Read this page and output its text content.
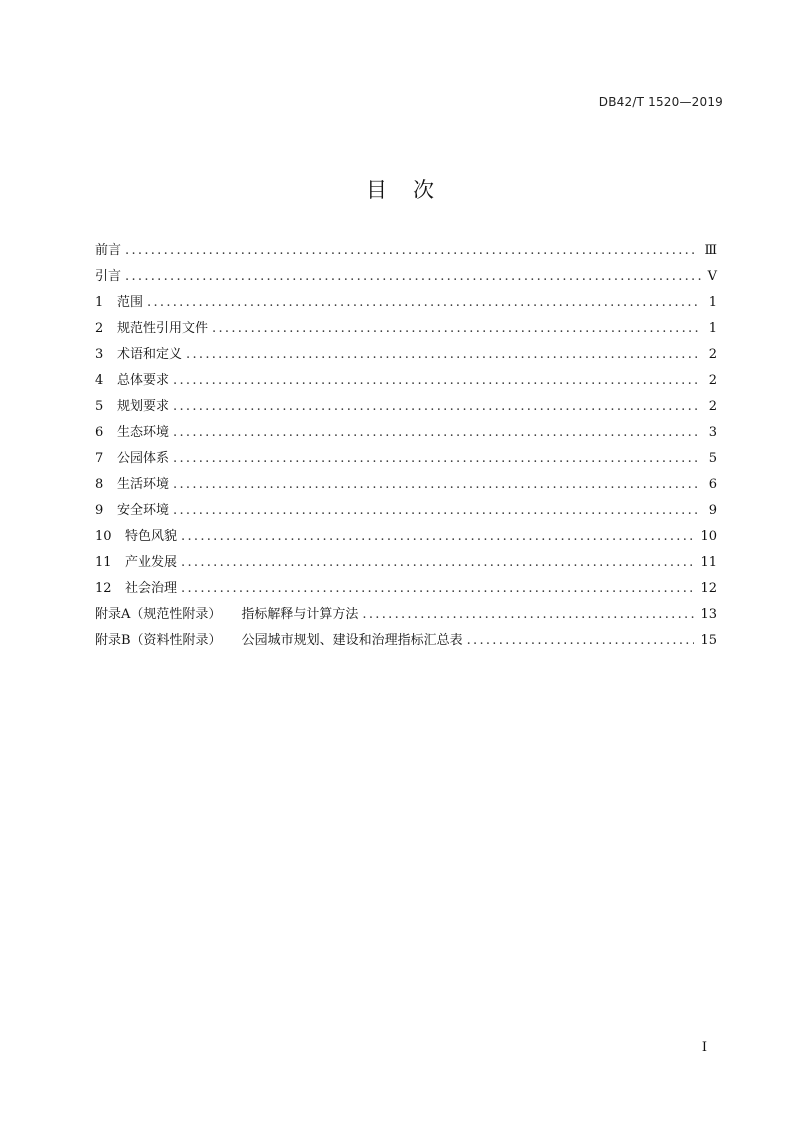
DB42/T 1520—2019
目次
前言 .....	Ⅲ
引言 .....	Ⅴ
1	范围 .....	1
2	规范性引用文件 .....	1
3	术语和定义 .....	2
4	总体要求 .....	2
5	规划要求 .....	2
6	生态环境 .....	3
7	公园体系 .....	5
8	生活环境 .....	6
9	安全环境 .....	9
10	特色风貌 .....	10
11	产业发展 .....	11
12	社会治理 .....	12
附录A（规范性附录） 指标解释与计算方法 .....	13
附录B（资料性附录） 公园城市规划、建设和治理指标汇总表 .....	15
I
